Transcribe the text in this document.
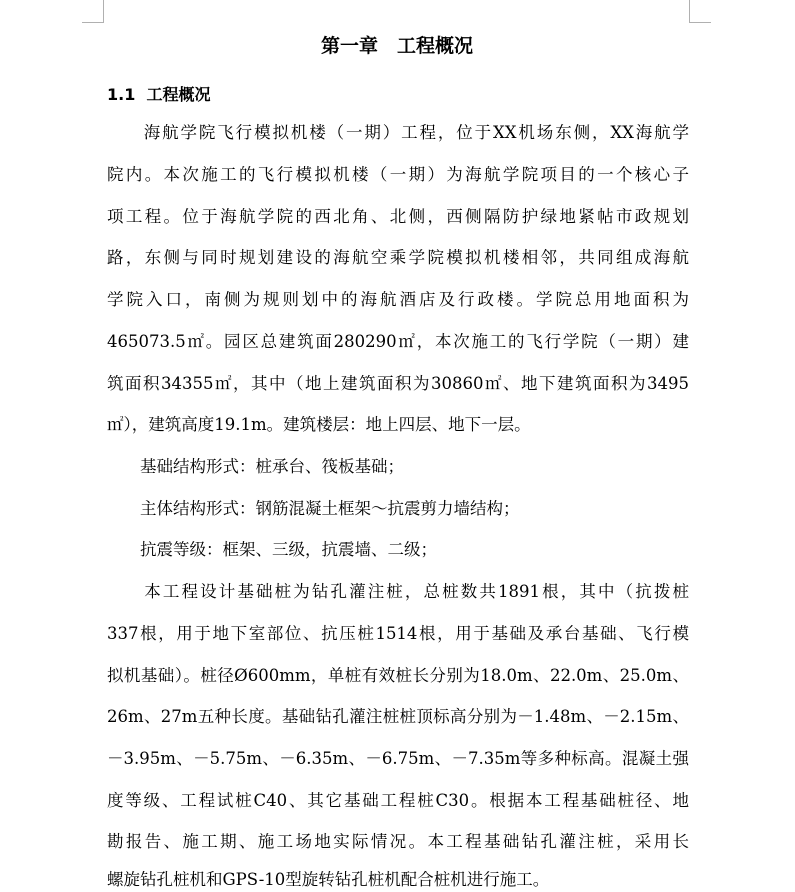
第一章　工程概况
1.1  工程概况
　　海航学院飞行模拟机楼（一期）工程，位于XX机场东侧，XX海航学
院内。本次施工的飞行模拟机楼（一期）为海航学院项目的一个核心子
项工程。位于海航学院的西北角、北侧，西侧隔防护绿地紧帖市政规划
路，东侧与同时规划建设的海航空乘学院模拟机楼相邻，共同组成海航
学院入口，南侧为规则划中的海航酒店及行政楼。学院总用地面积为
465073.5㎡。园区总建筑面280290㎡，本次施工的飞行学院（一期）建
筑面积34355㎡，其中（地上建筑面积为30860㎡、地下建筑面积为3495
㎡），建筑高度19.1m。建筑楼层：地上四层、地下一层。
　　基础结构形式：桩承台、筏板基础；
　　主体结构形式：钢筋混凝土框架～抗震剪力墙结构；
　　抗震等级：框架、三级，抗震墙、二级；
　　本工程设计基础桩为钻孔灌注桩，总桩数共1891根，其中（抗拨桩
337根，用于地下室部位、抗压桩1514根，用于基础及承台基础、飞行模
拟机基础）。桩径Ø600mm，单桩有效桩长分别为18.0m、22.0m、25.0m、
26m、27m五种长度。基础钻孔灌注桩桩顶标高分别为－1.48m、－2.15m、
－3.95m、－5.75m、－6.35m、－6.75m、－7.35m等多种标高。混凝土强
度等级、工程试桩C40、其它基础工程桩C30。根据本工程基础桩径、地
勘报告、施工期、施工场地实际情况。本工程基础钻孔灌注桩，采用长
螺旋钻孔桩机和GPS-10型旋转钻孔桩机配合桩机进行施工。
